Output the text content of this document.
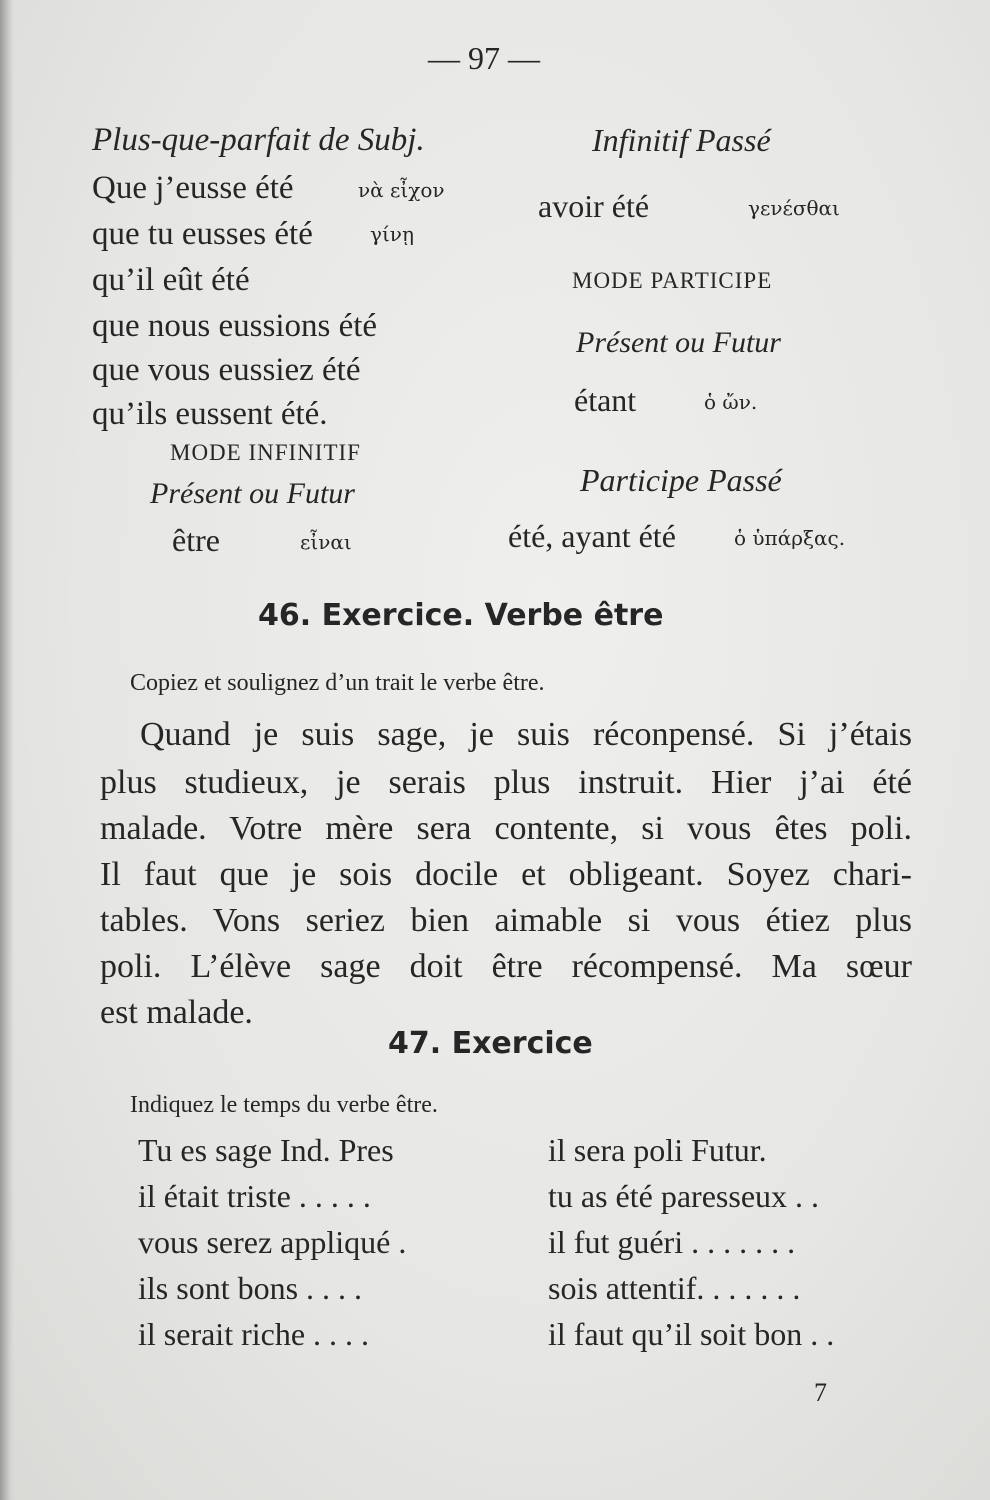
— 97 —
Plus-que-parfait de Subj.
Que j’eusse été	νὰ εἶχον
que tu eusses été	γίνῃ
qu’il eût été
que nous eussions été
que vous eussiez été
qu’ils eussent été.
MODE INFINITIF
Présent ou Futur
être	εἶναι
Infinitif Passé
avoir été	γενέσθαι
MODE PARTICIPE
Présent ou Futur
étant	ὁ ὤν.
Participe Passé
été, ayant été	ὁ ὑπάρξας.
46. Exercice. Verbe être
Copiez et soulignez d’un trait le verbe être.
Quand je suis sage, je suis réconpensé. Si j’étais
plus studieux, je serais plus instruit. Hier j’ai été
malade. Votre mère sera contente, si vous êtes poli.
Il faut que je sois docile et obligeant. Soyez chari-
tables. Vons seriez bien aimable si vous étiez plus
poli. L’élève sage doit être récompensé. Ma sœur
est malade.
47. Exercice
Indiquez le temps du verbe être.
Tu es sage Ind. Pres
il était triste . . . . .
vous serez appliqué .
ils sont bons . . . .
il serait riche . . . .
il sera poli Futur.
tu as été paresseux . .
il fut guéri . . . . . . .
sois attentif. . . . . . .
il faut qu’il soit bon . .
7
